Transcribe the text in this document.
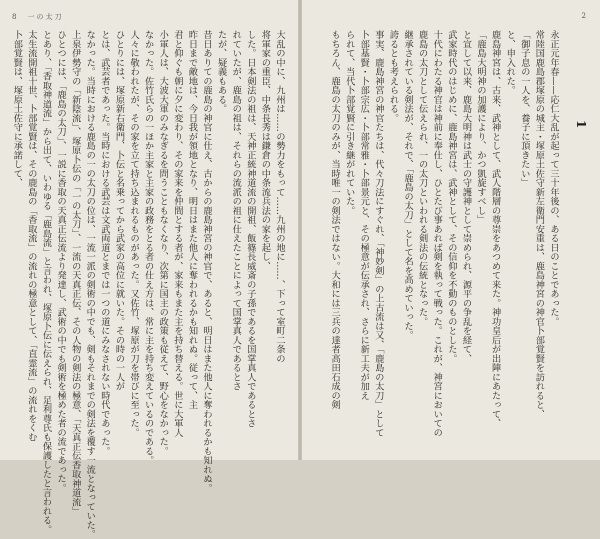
8　一の太刀

大乱の中に、九州は……の勢力をもって……九州の地に……、下って室町二条の

将軍家の重臣、中条長秀は鎌倉の中条流兵法の家を起し、

した。日本剣法の祖は、天神正統神道流の開祖、飯篠長威斎の子孫であるを国掌真人であるとさ

れていたが、鹿島の祖は、それらの流派の祖に仕えたことによって国掌真人であるとさ

たが、疑義もある。

昔日ありての鹿島の神官に仕え、古からの鹿島神宮の神官で、あると、明日はまた他人に奪われるかも知れぬ。

昨日まで敵地は、今日我が領地となり、明日はまた他人に奪われるかも知れぬ。従って、主

君と仰ぐも朝に夕に変わり、その家来を仲間とする者が、家来もまた主を持ち替える。世に大軍人

小軍人は、大波大軍のみなぎるを問うこともなくなり、次第に国主の政策も従えて、野心をなかった。

なかった。佐竹氏らの一ほか主家と主家の政務をとる者の仕え方は、常に主を持ち変えているのである。

人々に敬われたが、その家を立て持ち込まれるものがあった。又佐竹、塚原が刀を帯びに至った。

ひとりには、塚原新右衛門、卜伝と名乗ってから武家の高位に就いた。その時の一人が

とは、武芸者であった。当時における武芸は文武両道とまでは一つの道にみなされない時代であった。

なかった。当時における鹿島の一の太刀の位は、一流一派の剣術の中でも、剣もそれまでの剣法を覆す一流となっていた。

上泉伊勢守の「新陰流」、塚原卜伝の「一の太刀」、一流の天真正伝、その人物の剣法の極意、「天真正伝香取神道流」

ひとつには、「鹿島の太刀」、一説に香取の天真正伝流より発達し、武術の中でも剣術を極めた者の流であった。

とあり、「香取神道流」から出て、いわゆる「鹿島流」と言われ、塚原卜伝に伝えられ、足利尊氏も保護したと言われる。

太生流開祖十世、卜部覚賢は、その鹿島の「香取流」の流れの極意として、「直霊流」の流れをくむ

卜部覚賢は、塚原土佐守に承諾して、

2
1

永正元年春——応仁大乱が起って三十年後の、ある日のことであった。

常陸国鹿島郡塚原の城主・塚原土佐守新左衛門安重は、鹿島神宮の神官卜部覚賢を訪れると、

「御子息の一人を、養子に頂きたい」

と、申入れた。

鹿島神宮は、古来、武神として、武人階層の尊崇をあつめて来た。神功皇后が出陣にあたって、

「鹿島大明神の加護により、かつ凱旋すべし」

と宣して以来、鹿島大明神は武士の守護神として崇められ、源平の争乱を経て、

武家時代のはじめに、鹿島神宮は、武神として、その信仰を不動のものとした。

十代にわたる神官は神前に奉仕し、ひとたび事あれば剣を執って戦った。これが、神宮においての

鹿島の太刀として伝えられ、一の太刀といわれる剣法の伝統となった。

継承されている剣法が、それで、「鹿島の太刀」として名を高めていった。

誇るとも考えられる。

事実、鹿島神宮の神官たちは、代々刀法にすぐれ、「神妙剣」の上古流は又、「鹿島の太刀」として

卜部基賢・卜部宗広・卜部常雅・卜部景元と、その極意が伝承され、さらに新工夫が加え

られて、当代卜部覚賢に引き継がれていた。

もちろん、鹿島の太刀のみが、当時唯一の剣法ではない。大和には三兵の達者高田石成の剣
